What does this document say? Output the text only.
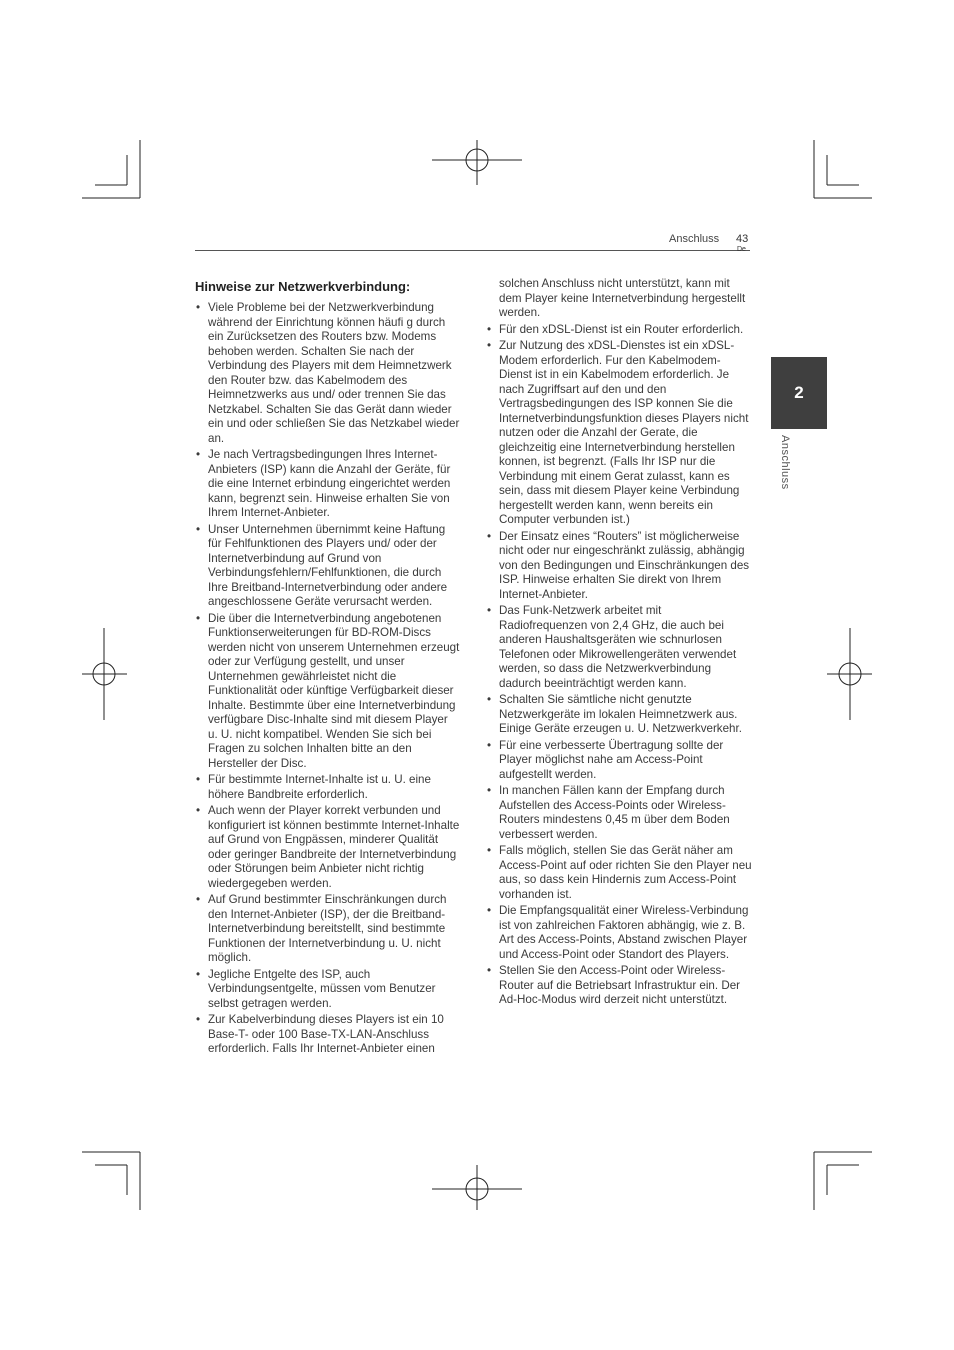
Anschluss 43
De
2
Anschluss
Hinweise zur Netzwerkverbindung:
• Viele Probleme bei der Netzwerkverbindung während der Einrichtung können häufi g durch ein Zurücksetzen des Routers bzw. Modems behoben werden. Schalten Sie nach der Verbindung des Players mit dem Heimnetzwerk den Router bzw. das Kabelmodem des Heimnetzwerks aus und/ oder trennen Sie das Netzkabel. Schalten Sie das Gerät dann wieder ein und oder schließen Sie das Netzkabel wieder an.
• Je nach Vertragsbedingungen Ihres Internet-Anbieters (ISP) kann die Anzahl der Geräte, für die eine Internet erbindung eingerichtet werden kann, begrenzt sein. Hinweise erhalten Sie von Ihrem Internet-Anbieter.
• Unser Unternehmen übernimmt keine Haftung für Fehlfunktionen des Players und/ oder der Internetverbindung auf Grund von Verbindungsfehlern/Fehlfunktionen, die durch Ihre Breitband-Internetverbindung oder andere angeschlossene Geräte verursacht werden.
• Die über die Internetverbindung angebotenen Funktionserweiterungen für BD-ROM-Discs werden nicht von unserem Unternehmen erzeugt oder zur Verfügung gestellt, und unser Unternehmen gewährleistet nicht die Funktionalität oder künftige Verfügbarkeit dieser Inhalte. Bestimmte über eine Internetverbindung verfügbare Disc-Inhalte sind mit diesem Player u. U. nicht kompatibel. Wenden Sie sich bei Fragen zu solchen Inhalten bitte an den Hersteller der Disc.
• Für bestimmte Internet-Inhalte ist u. U. eine höhere Bandbreite erforderlich.
• Auch wenn der Player korrekt verbunden und konfiguriert ist können bestimmte Internet-Inhalte auf Grund von Engpässen, minderer Qualität oder geringer Bandbreite der Internetverbindung oder Störungen beim Anbieter nicht richtig wiedergegeben werden.
• Auf Grund bestimmter Einschränkungen durch den Internet-Anbieter (ISP), der die Breitband-Internetverbindung bereitstellt, sind bestimmte Funktionen der Internetverbindung u. U. nicht möglich.
• Jegliche Entgelte des ISP, auch Verbindungsentgelte, müssen vom Benutzer selbst getragen werden.
• Zur Kabelverbindung dieses Players ist ein 10 Base-T- oder 100 Base-TX-LAN-Anschluss erforderlich. Falls Ihr Internet-Anbieter einen
solchen Anschluss nicht unterstützt, kann mit dem Player keine Internetverbindung hergestellt werden.
• Für den xDSL-Dienst ist ein Router erforderlich.
• Zur Nutzung des xDSL-Dienstes ist ein xDSL-Modem erforderlich. Fur den Kabelmodem-Dienst ist in ein Kabelmodem erforderlich. Je nach Zugriffsart auf den und den Vertragsbedingungen des ISP konnen Sie die Internetverbindungsfunktion dieses Players nicht nutzen oder die Anzahl der Gerate, die gleichzeitig eine Internetverbindung herstellen konnen, ist begrenzt. (Falls Ihr ISP nur die Verbindung mit einem Gerat zulasst, kann es sein, dass mit diesem Player keine Verbindung hergestellt werden kann, wenn bereits ein Computer verbunden ist.)
• Der Einsatz eines “Routers” ist möglicherweise nicht oder nur eingeschränkt zulässig, abhängig von den Bedingungen und Einschränkungen des ISP. Hinweise erhalten Sie direkt von Ihrem Internet-Anbieter.
• Das Funk-Netzwerk arbeitet mit Radiofrequenzen von 2,4 GHz, die auch bei anderen Haushaltsgeräten wie schnurlosen Telefonen oder Mikrowellengeräten verwendet werden, so dass die Netzwerkverbindung dadurch beeinträchtigt werden kann.
• Schalten Sie sämtliche nicht genutzte Netzwerkgeräte im lokalen Heimnetzwerk aus. Einige Geräte erzeugen u. U. Netzwerkverkehr.
• Für eine verbesserte Übertragung sollte der Player möglichst nahe am Access-Point aufgestellt werden.
• In manchen Fällen kann der Empfang durch Aufstellen des Access-Points oder Wireless-Routers mindestens 0,45 m über dem Boden verbessert werden.
• Falls möglich, stellen Sie das Gerät näher am Access-Point auf oder richten Sie den Player neu aus, so dass kein Hindernis zum Access-Point vorhanden ist.
• Die Empfangsqualität einer Wireless-Verbindung ist von zahlreichen Faktoren abhängig, wie z. B. Art des Access-Points, Abstand zwischen Player und Access-Point oder Standort des Players.
• Stellen Sie den Access-Point oder Wireless-Router auf die Betriebsart Infrastruktur ein. Der Ad-Hoc-Modus wird derzeit nicht unterstützt.
